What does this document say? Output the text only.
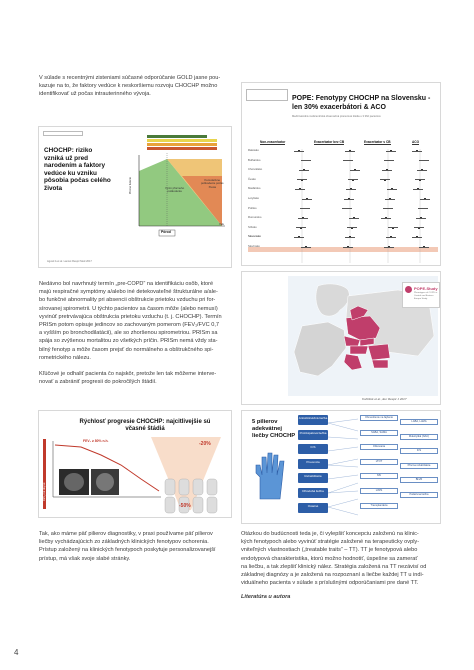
V súlade s recentnými zisteniami súčasné odporúčanie GOLD jasne pou-
kazuje na to, že faktory vedúce k neskoršiemu rozvoju CHOCHP možno
identifikovať už počas intrauterinného vývoja.
CHOCHP: riziko
vzniká už pred
narodením a faktory
vedúce ku vzniku
pôsobia počas celého
života	Pľúcne funkcie
Pôrod
Vek
Vývin pľúcneho
poškodenia
Kumulatívne
poškodenie počas
života
Agustí A et al. Lancet Respir Med 2017
POPE: Fenotypy CHOCHP na Slovensku -
len 30% exacerbátori & ACO
Medzinárodná multicentrická observačná prierezová štúdia u 3 362 pacientov
Non-exacerbator	Exacerbator bez CB	Exacerbator s CB	ACO
Rakúsko
Bulharsko
Chorvátsko
Česko
Maďarsko
Lotyšsko
Poľsko
Rumunsko
Srbsko
Slovensko
Slovinsko
POPE-Study
Phenotypes of COPD in Central and Eastern Europe Study
Koblížek et al., Eur Respir J 2017
Nedávno bol navrhnutý termín „pre-COPD“ na identifikáciu osôb, ktoré
majú respiračné symptómy a/alebo iné detekovateľné štrukturálne a/ale-
bo funkčné abnormality pri absencii obštrukcie prietoku vzduchu pri for-
sírovanej spirometrii. U týchto pacientov sa časom môže (alebo nemusí)
vyvinúť pretrvávajúca obštrukcia prietoku vzduchu (t. j. CHOCHP). Termín
PRISm potom opisuje jedincov so zachovaným pomerom (FEV₁/FVC 0,7
a vyšším po bronchodilatácii), ale so zhoršenou spirometriou. PRISm sa
spája so zvýšenou mortalitou zo všetkých príčin. PRISm nemá vždy sta-
bilný fenotyp a môže časom prejsť do normálneho a obštrukčného spi-
rometrického nálezu.
Kľúčové je odhaliť pacienta čo najskôr, pretože len tak môžeme interve-
novať a zabrániť progresii do pokročilých štádií.
Rýchlosť progresie CHOCHP: najcitlivejšie sú
včasné štádiá
FEV₁ rok úbytok
FEV₁ ≥ 80% n.h.	-20%
-50%
5 pilierov
adekvátnej
liečby CHOCHP
Antiobštrukčná liečba
Protizápalová liečba
ICS
Prevencia
Rehabilitácia
Dlhodobá liečba
Ostatné
Obmedzenie na fajčenie
LABA, LAMA
SABA, SAMA
Mukolytiká (NAC)
Očkovania
ICS
LTOT
Pľúcna rehabilitácia
NIV
BLVR
LVRS
Paliatívna liečba
Transplantácia
Tak, ako máme päť pilierov diagnostiky, v praxi používame päť pilierov
liečby vychádzajúcich zo základných klinických fenotypov ochorenia.
Prístup založený na klinických fenotypoch poskytuje personalizovanejší
prístup, má však svoje slabé stránky.
Otázkou do budúcnosti teda je, či vylepšiť koncepciu založenú na klinic-
kých fenotypoch alebo vyvinúť stratégie založené na terapeuticky ovply-
vniteľných vlastnostiach („treatable traits“ – TT). TT je fenotypová alebo
endotypová charakteristika, ktorú možno hodnotiť, úspešne sa zamerať
na liečbu, a tak zlepšiť klinický nález. Stratégia založená na TT nezávisí od
základnej diagnózy a je založená na rozpoznaní a liečbe každej TT u indi-
viduálneho pacienta v súlade s príslušnými odporúčaniami pre dané TT.
Literatúra u autora
4
